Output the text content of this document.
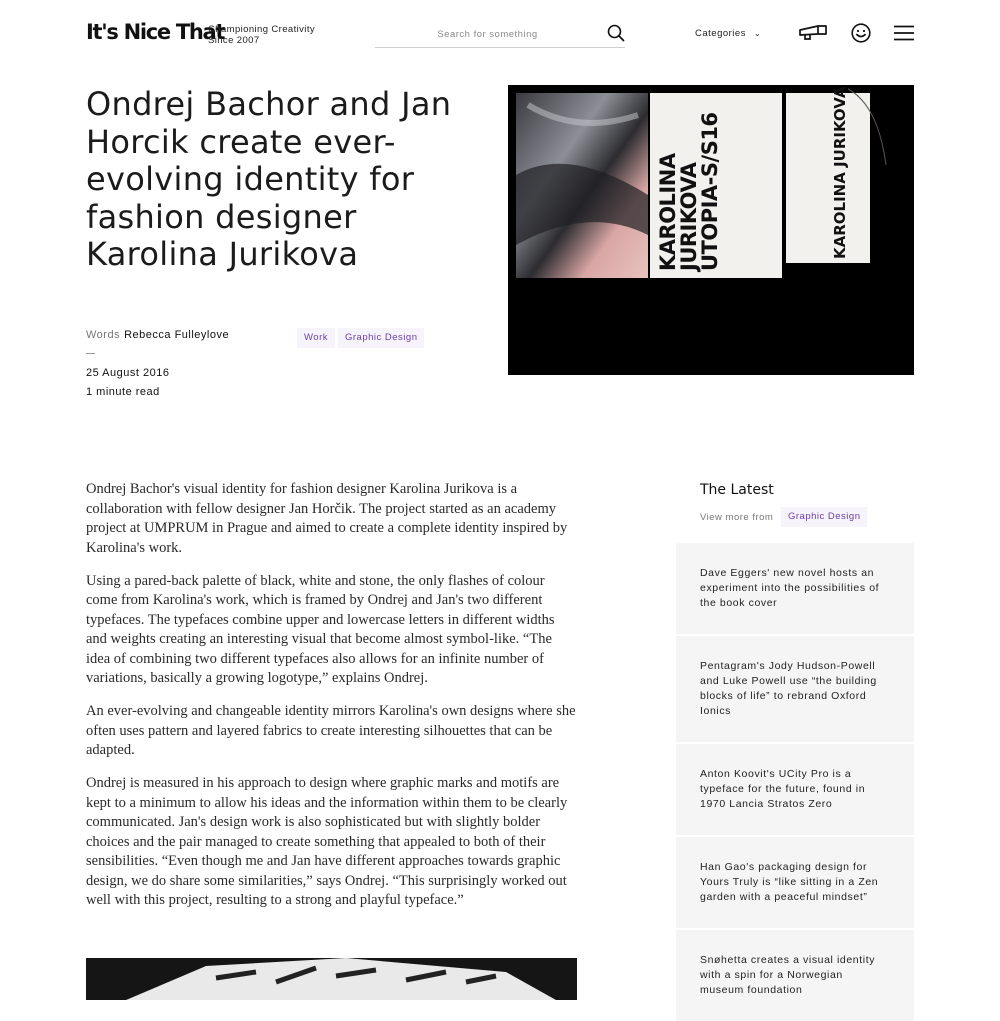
It's Nice That
Championing Creativity
Since 2007
Search for something
Categories ⌄
Ondrej Bachor and Jan Horcik create ever-evolving identity for fashion designer Karolina Jurikova
Words Rebecca Fulleylove
25 August 2016
1 minute read
Work	Graphic Design
KAROLINA JURIKOVA
UTOPIA-S/S16	KAROLINA JURIKOVA

Ondrej Bachor's visual identity for fashion designer Karolina Jurikova is a collaboration with fellow designer Jan Horčik. The project started as an academy project at UMPRUM in Prague and aimed to create a complete identity inspired by Karolina's work.

Using a pared-back palette of black, white and stone, the only flashes of colour come from Karolina's work, which is framed by Ondrej and Jan's two different typefaces. The typefaces combine upper and lowercase letters in different widths and weights creating an interesting visual that become almost symbol-like. “The idea of combining two different typefaces also allows for an infinite number of variations, basically a growing logotype,” explains Ondrej.

An ever-evolving and changeable identity mirrors Karolina's own designs where she often uses pattern and layered fabrics to create interesting silhouettes that can be adapted.

Ondrej is measured in his approach to design where graphic marks and motifs are kept to a minimum to allow his ideas and the information within them to be clearly communicated. Jan's design work is also sophisticated but with slightly bolder choices and the pair managed to create something that appealed to both of their sensibilities. “Even though me and Jan have different approaches towards graphic design, we do share some similarities,” says Ondrej. “This surprisingly worked out well with this project, resulting to a strong and playful typeface.”

The Latest
View more from	Graphic Design
Dave Eggers' new novel hosts an experiment into the possibilities of the book cover
Pentagram's Jody Hudson-Powell and Luke Powell use “the building blocks of life” to rebrand Oxford Ionics
Anton Koovit's UCity Pro is a typeface for the future, found in 1970 Lancia Stratos Zero
Han Gao's packaging design for Yours Truly is “like sitting in a Zen garden with a peaceful mindset”
Snøhetta creates a visual identity with a spin for a Norwegian museum foundation
